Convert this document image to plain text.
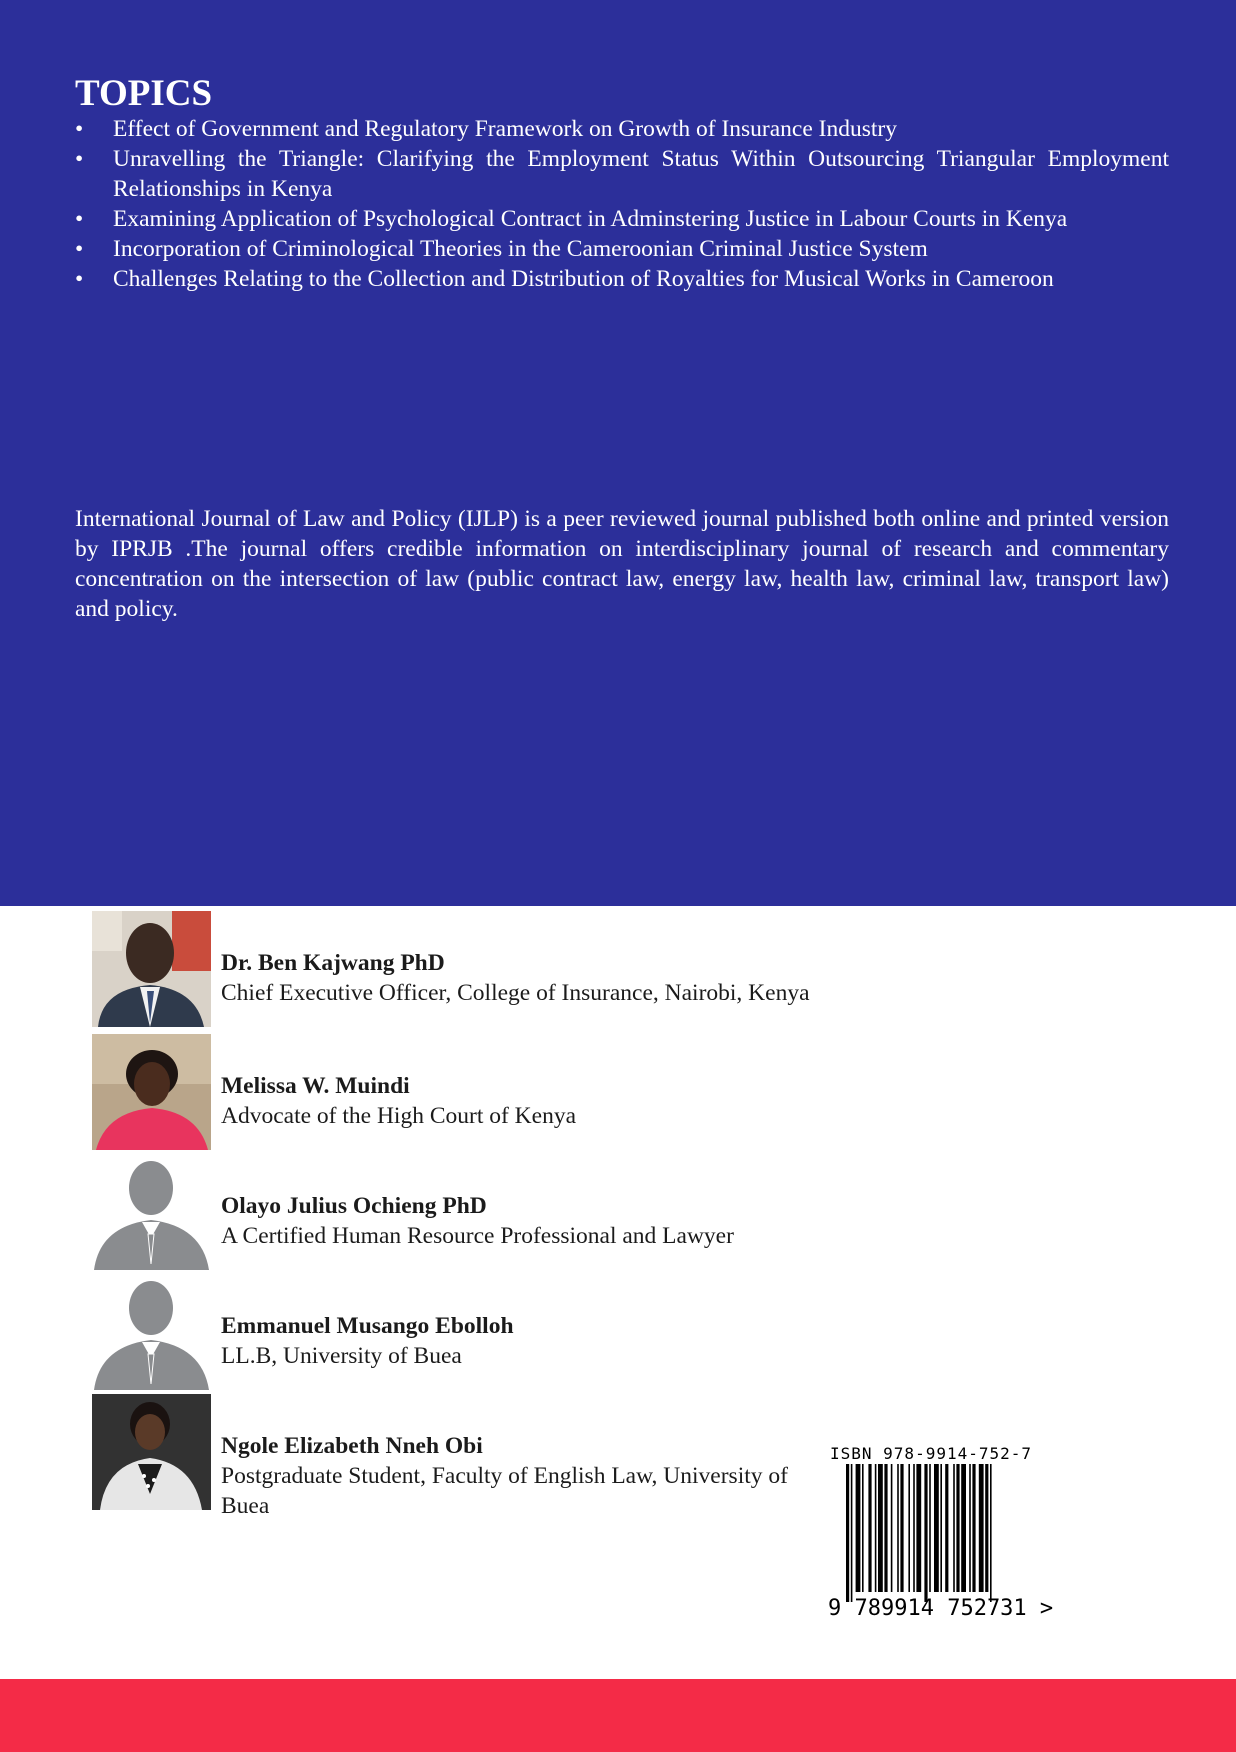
TOPICS
• Effect of Government and Regulatory Framework on Growth of Insurance Industry
• Unravelling the Triangle: Clarifying the Employment Status Within Outsourcing Triangular Employment Relationships in Kenya
• Examining Application of Psychological Contract in Adminstering Justice in Labour Courts in Kenya
• Incorporation of Criminological Theories in the Cameroonian Criminal Justice System
• Challenges Relating to the Collection and Distribution of Royalties for Musical Works in Cameroon

International Journal of Law and Policy (IJLP) is a peer reviewed journal published both online and printed version by IPRJB .The journal offers credible information on interdisciplinary journal of research and commentary concentration on the intersection of law (public contract law, energy law, health law, criminal law, transport law) and policy.

Dr. Ben Kajwang PhD
Chief Executive Officer, College of Insurance, Nairobi, Kenya
Melissa W. Muindi
Advocate of the High Court of Kenya
Olayo Julius Ochieng PhD
A Certified Human Resource Professional and Lawyer
Emmanuel Musango Ebolloh
LL.B, University of Buea
Ngole Elizabeth Nneh Obi
Postgraduate Student, Faculty of English Law, University of Buea
ISBN 978-9914-752-7
9 789914 752731 >
